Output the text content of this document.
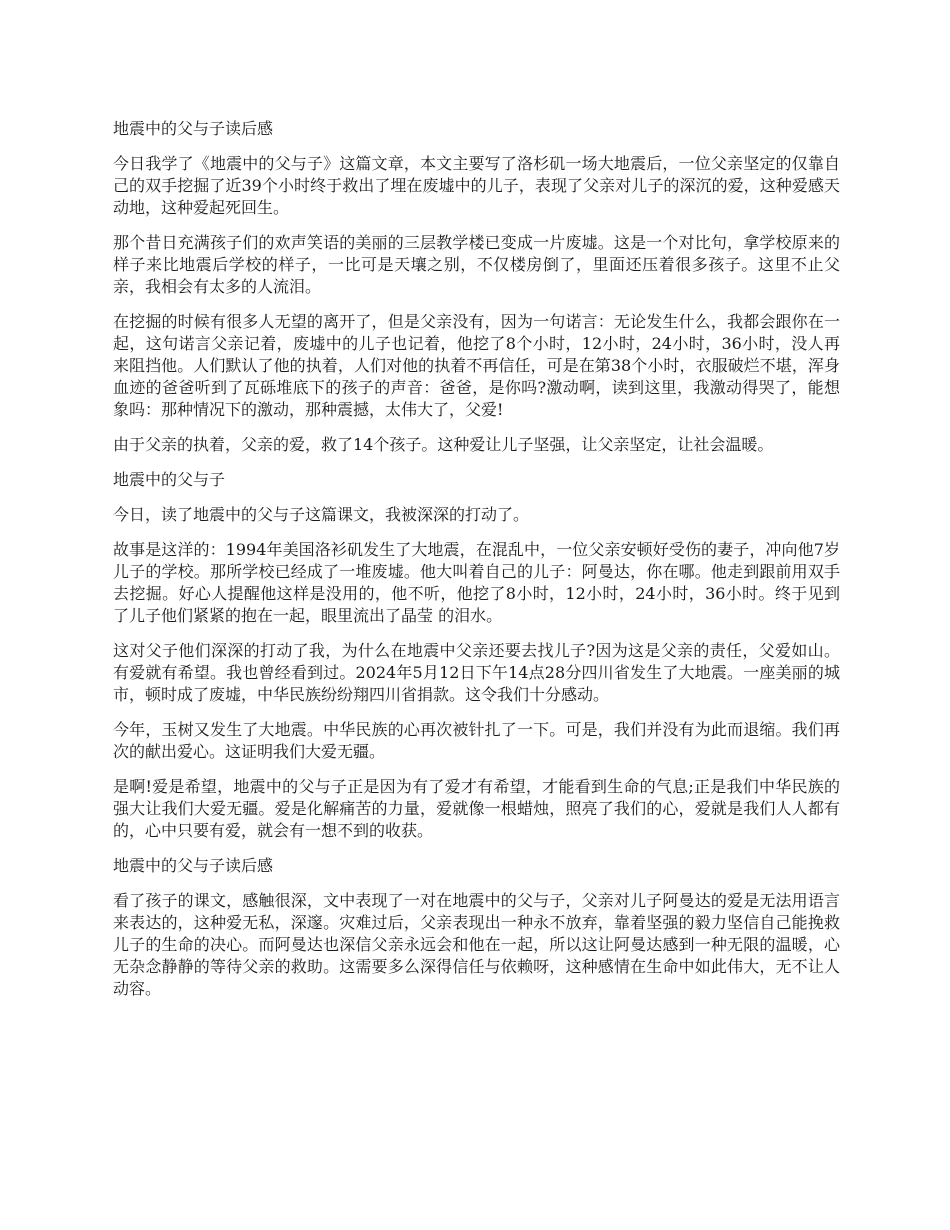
地震中的父与子读后感

今日我学了《地震中的父与子》这篇文章，本文主要写了洛杉矶一场大地震后，一位父亲坚定的仅靠自己的双手挖掘了近39个小时终于救出了埋在废墟中的儿子，表现了父亲对儿子的深沉的爱，这种爱感天动地，这种爱起死回生。

那个昔日充满孩子们的欢声笑语的美丽的三层教学楼已变成一片废墟。这是一个对比句，拿学校原来的样子来比地震后学校的样子，一比可是天壤之别，不仅楼房倒了，里面还压着很多孩子。这里不止父亲，我相会有太多的人流泪。

在挖掘的时候有很多人无望的离开了，但是父亲没有，因为一句诺言：无论发生什么，我都会跟你在一起，这句诺言父亲记着，废墟中的儿子也记着，他挖了8个小时，12小时，24小时，36小时，没人再来阻挡他。人们默认了他的执着，人们对他的执着不再信任，可是在第38个小时，衣服破烂不堪，浑身血迹的爸爸听到了瓦砾堆底下的孩子的声音：爸爸，是你吗?激动啊，读到这里，我激动得哭了，能想象吗：那种情况下的激动，那种震撼，太伟大了，父爱!

由于父亲的执着，父亲的爱，救了14个孩子。这种爱让儿子坚强，让父亲坚定，让社会温暖。

地震中的父与子

今日，读了地震中的父与子这篇课文，我被深深的打动了。

故事是这洋的：1994年美国洛衫矶发生了大地震，在混乱中，一位父亲安顿好受伤的妻子，冲向他7岁儿子的学校。那所学校已经成了一堆废墟。他大叫着自己的儿子：阿曼达，你在哪。他走到跟前用双手去挖掘。好心人提醒他这样是没用的，他不听，他挖了8小时，12小时，24小时，36小时。终于见到了儿子他们紧紧的抱在一起，眼里流出了晶莹 的泪水。

这对父子他们深深的打动了我，为什么在地震中父亲还要去找儿子?因为这是父亲的责任，父爱如山。有爱就有希望。我也曾经看到过。2024年5月12日下午14点28分四川省发生了大地震。一座美丽的城市，顿时成了废墟，中华民族纷纷翔四川省捐款。这令我们十分感动。

今年，玉树又发生了大地震。中华民族的心再次被针扎了一下。可是，我们并没有为此而退缩。我们再次的献出爱心。这证明我们大爱无疆。

是啊!爱是希望，地震中的父与子正是因为有了爱才有希望，才能看到生命的气息;正是我们中华民族的强大让我们大爱无疆。爱是化解痛苦的力量，爱就像一根蜡烛，照亮了我们的心，爱就是我们人人都有的，心中只要有爱，就会有一想不到的收获。

地震中的父与子读后感

看了孩子的课文，感触很深，文中表现了一对在地震中的父与子，父亲对儿子阿曼达的爱是无法用语言来表达的，这种爱无私，深邃。灾难过后，父亲表现出一种永不放弃，靠着坚强的毅力坚信自己能挽救儿子的生命的决心。而阿曼达也深信父亲永远会和他在一起，所以这让阿曼达感到一种无限的温暖，心无杂念静静的等待父亲的救助。这需要多么深得信任与依赖呀，这种感情在生命中如此伟大，无不让人动容。
